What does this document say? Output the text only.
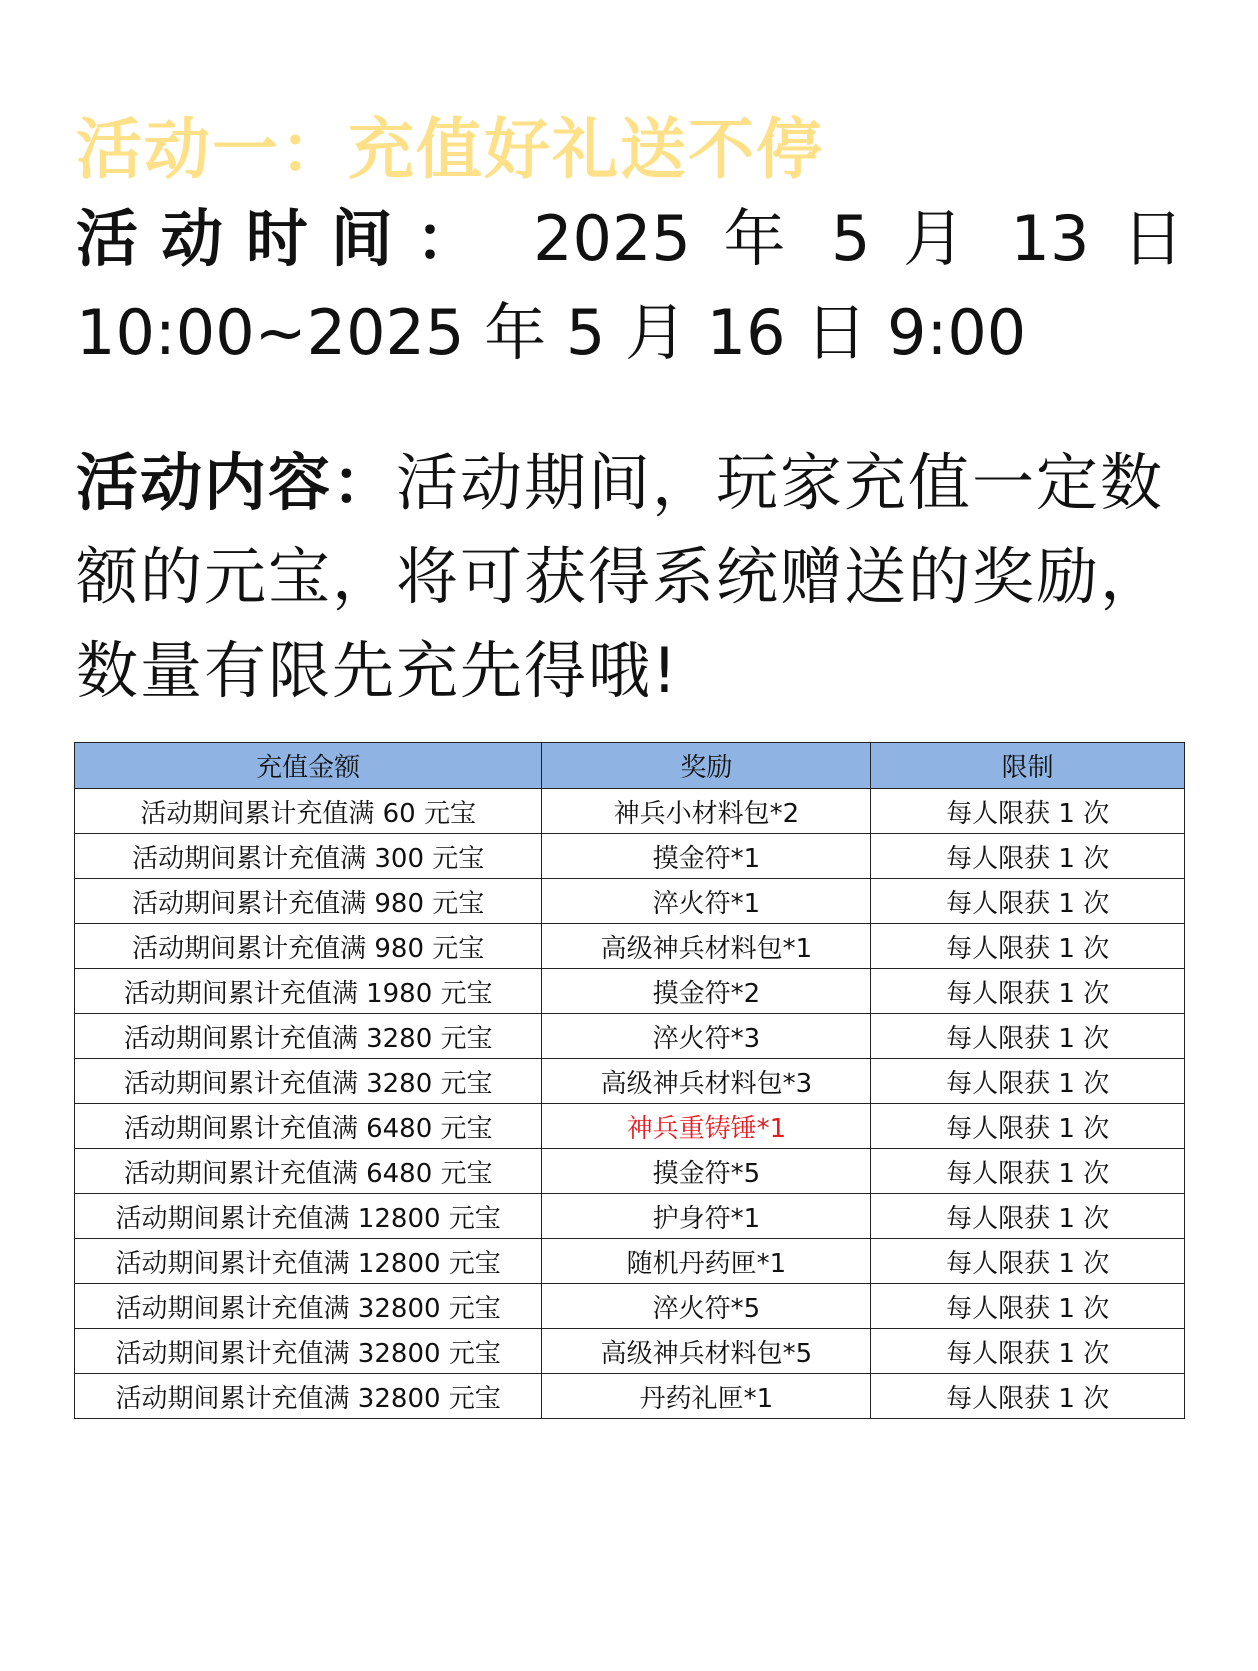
活动一：充值好礼送不停

活动时间： 2025 年 5 月 13 日 10:00~2025 年 5 月 16 日 9:00

活动内容：活动期间，玩家充值一定数额的元宝，将可获得系统赠送的奖励，数量有限先充先得哦!

充值金额	奖励	限制
活动期间累计充值满 60 元宝	神兵小材料包*2	每人限获 1 次
活动期间累计充值满 300 元宝	摸金符*1	每人限获 1 次
活动期间累计充值满 980 元宝	淬火符*1	每人限获 1 次
活动期间累计充值满 980 元宝	高级神兵材料包*1	每人限获 1 次
活动期间累计充值满 1980 元宝	摸金符*2	每人限获 1 次
活动期间累计充值满 3280 元宝	淬火符*3	每人限获 1 次
活动期间累计充值满 3280 元宝	高级神兵材料包*3	每人限获 1 次
活动期间累计充值满 6480 元宝	神兵重铸锤*1	每人限获 1 次
活动期间累计充值满 6480 元宝	摸金符*5	每人限获 1 次
活动期间累计充值满 12800 元宝	护身符*1	每人限获 1 次
活动期间累计充值满 12800 元宝	随机丹药匣*1	每人限获 1 次
活动期间累计充值满 32800 元宝	淬火符*5	每人限获 1 次
活动期间累计充值满 32800 元宝	高级神兵材料包*5	每人限获 1 次
活动期间累计充值满 32800 元宝	丹药礼匣*1	每人限获 1 次
